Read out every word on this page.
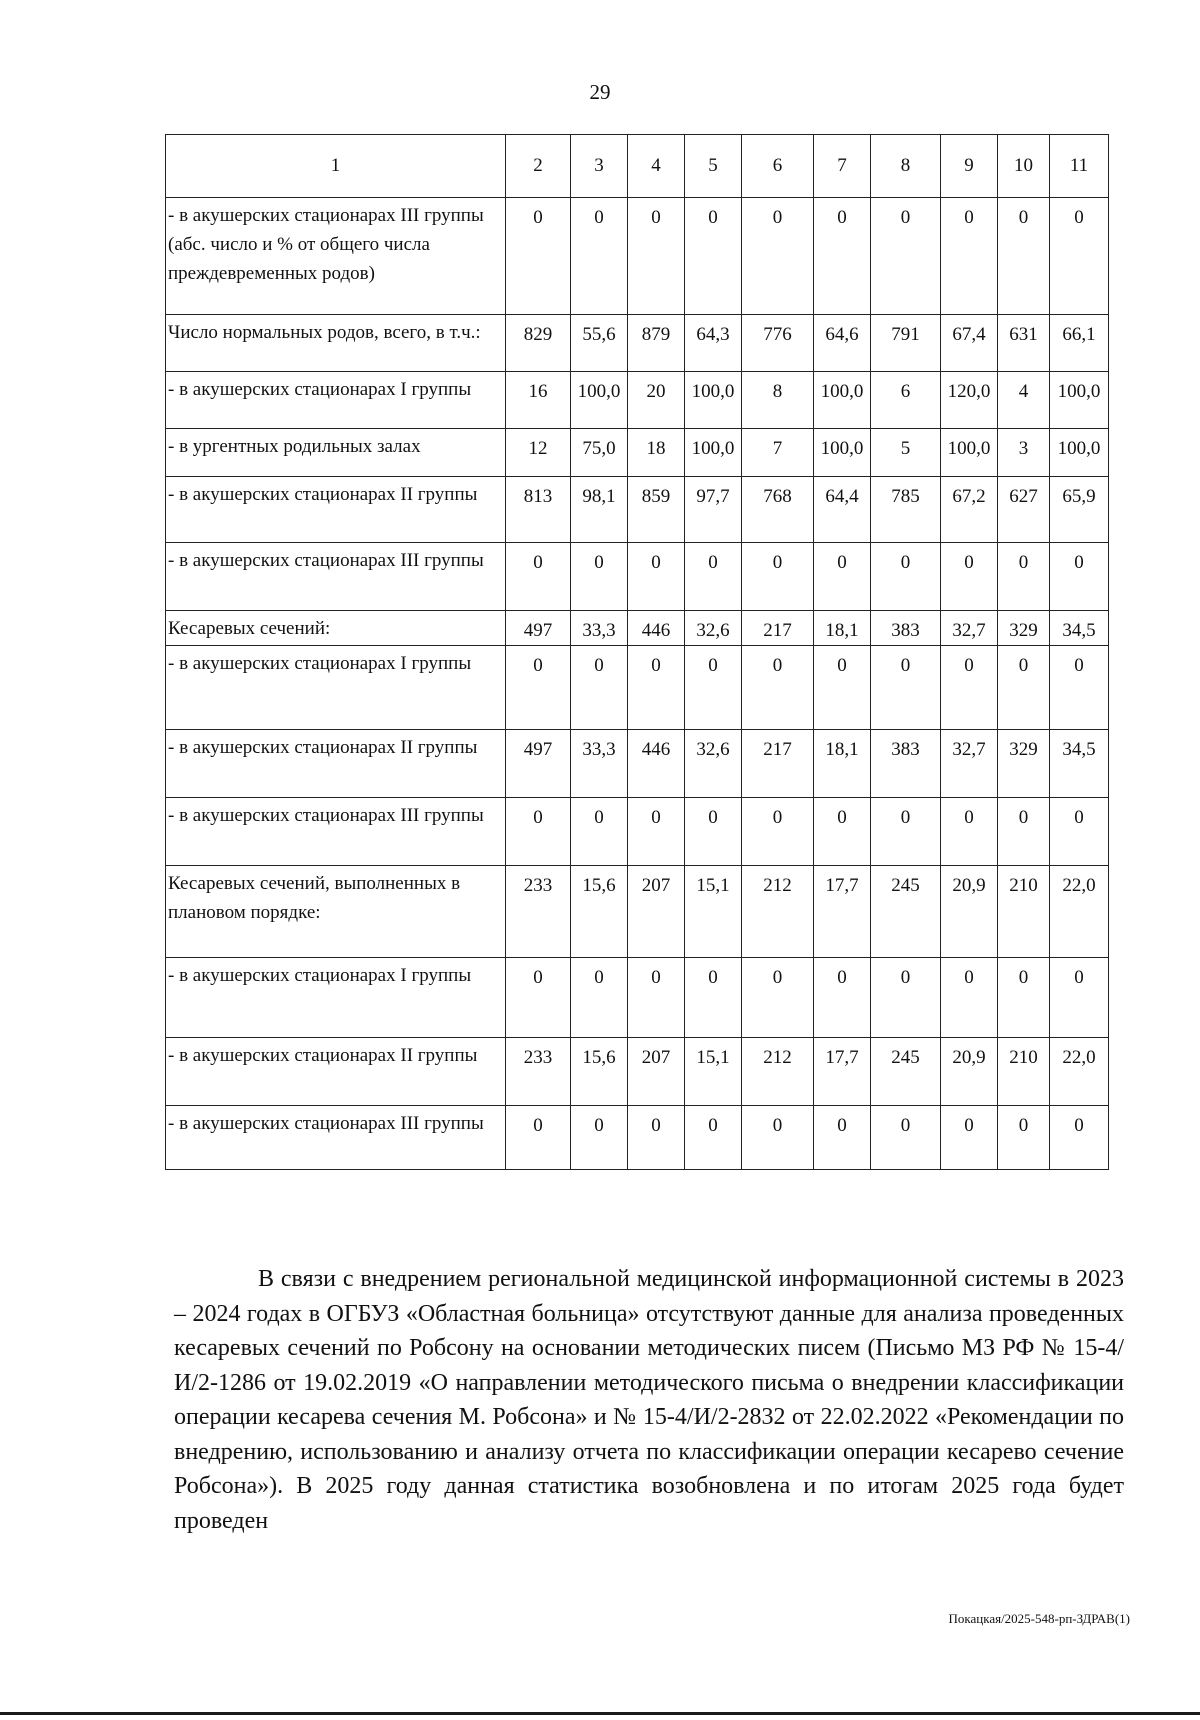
29
1	2	3	4	5	6	7	8	9	10	11
- в акушерских стационарах III группы (абс. число и % от общего числа преждевременных родов)	0	0	0	0	0	0	0	0	0	0
Число нормальных родов, всего, в т.ч.:	829	55,6	879	64,3	776	64,6	791	67,4	631	66,1
- в акушерских стационарах I группы	16	100,0	20	100,0	8	100,0	6	120,0	4	100,0
- в ургентных родильных залах	12	75,0	18	100,0	7	100,0	5	100,0	3	100,0
- в акушерских стационарах II группы	813	98,1	859	97,7	768	64,4	785	67,2	627	65,9
- в акушерских стационарах III группы	0	0	0	0	0	0	0	0	0	0
Кесаревых сечений:	497	33,3	446	32,6	217	18,1	383	32,7	329	34,5
- в акушерских стационарах I группы	0	0	0	0	0	0	0	0	0	0
- в акушерских стационарах II группы	497	33,3	446	32,6	217	18,1	383	32,7	329	34,5
- в акушерских стационарах III группы	0	0	0	0	0	0	0	0	0	0
Кесаревых сечений, выполненных в плановом порядке:	233	15,6	207	15,1	212	17,7	245	20,9	210	22,0
- в акушерских стационарах I группы	0	0	0	0	0	0	0	0	0	0
- в акушерских стационарах II группы	233	15,6	207	15,1	212	17,7	245	20,9	210	22,0
- в акушерских стационарах III группы	0	0	0	0	0	0	0	0	0	0

В связи с внедрением региональной медицинской информационной системы в 2023 – 2024 годах в ОГБУЗ «Областная больница» отсутствуют данные для анализа проведенных кесаревых сечений по Робсону на основании методических писем (Письмо МЗ РФ № 15-4/И/2-1286 от 19.02.2019 «О направлении методического письма о внедрении классификации операции кесарева сечения М. Робсона» и № 15-4/И/2-2832 от 22.02.2022 «Рекомендации по внедрению, использованию и анализу отчета по классификации операции кесарево сечение Робсона»). В 2025 году данная статистика возобновлена и по итогам 2025 года будет проведен

Покацкая/2025-548-рп-ЗДРАВ(1)
